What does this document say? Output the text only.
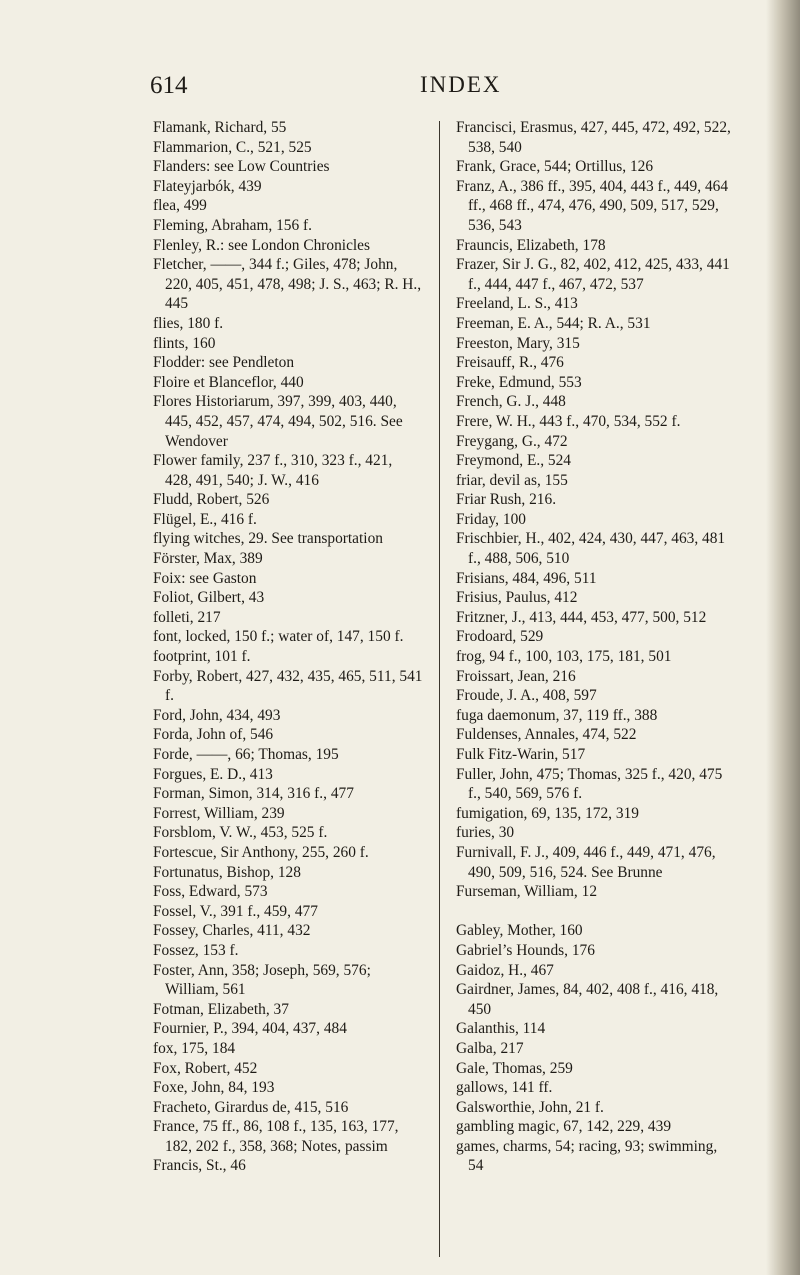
614	INDEX

Flamank, Richard, 55

Flammarion, C., 521, 525

Flanders: see Low Countries

Flateyjarbók, 439

flea, 499

Fleming, Abraham, 156 f.

Flenley, R.: see London Chronicles

Fletcher, ——, 344 f.; Giles, 478; John, 220, 405, 451, 478, 498; J. S., 463; R. H., 445

flies, 180 f.

flints, 160

Flodder: see Pendleton

Floire et Blanceflor, 440

Flores Historiarum, 397, 399, 403, 440, 445, 452, 457, 474, 494, 502, 516. See Wendover

Flower family, 237 f., 310, 323 f., 421, 428, 491, 540; J. W., 416

Fludd, Robert, 526

Flügel, E., 416 f.

flying witches, 29. See transportation

Förster, Max, 389

Foix: see Gaston

Foliot, Gilbert, 43

folleti, 217

font, locked, 150 f.; water of, 147, 150 f.

footprint, 101 f.

Forby, Robert, 427, 432, 435, 465, 511, 541 f.

Ford, John, 434, 493

Forda, John of, 546

Forde, ——, 66; Thomas, 195

Forgues, E. D., 413

Forman, Simon, 314, 316 f., 477

Forrest, William, 239

Forsblom, V. W., 453, 525 f.

Fortescue, Sir Anthony, 255, 260 f.

Fortunatus, Bishop, 128

Foss, Edward, 573

Fossel, V., 391 f., 459, 477

Fossey, Charles, 411, 432

Fossez, 153 f.

Foster, Ann, 358; Joseph, 569, 576; William, 561

Fotman, Elizabeth, 37

Fournier, P., 394, 404, 437, 484

fox, 175, 184

Fox, Robert, 452

Foxe, John, 84, 193

Fracheto, Girardus de, 415, 516

France, 75 ff., 86, 108 f., 135, 163, 177, 182, 202 f., 358, 368; Notes, passim

Francis, St., 46

Francisci, Erasmus, 427, 445, 472, 492, 522, 538, 540

Frank, Grace, 544; Ortillus, 126

Franz, A., 386 ff., 395, 404, 443 f., 449, 464 ff., 468 ff., 474, 476, 490, 509, 517, 529, 536, 543

Frauncis, Elizabeth, 178

Frazer, Sir J. G., 82, 402, 412, 425, 433, 441 f., 444, 447 f., 467, 472, 537

Freeland, L. S., 413

Freeman, E. A., 544; R. A., 531

Freeston, Mary, 315

Freisauff, R., 476

Freke, Edmund, 553

French, G. J., 448

Frere, W. H., 443 f., 470, 534, 552 f.

Freygang, G., 472

Freymond, E., 524

friar, devil as, 155

Friar Rush, 216.

Friday, 100

Frischbier, H., 402, 424, 430, 447, 463, 481 f., 488, 506, 510

Frisians, 484, 496, 511

Frisius, Paulus, 412

Fritzner, J., 413, 444, 453, 477, 500, 512

Frodoard, 529

frog, 94 f., 100, 103, 175, 181, 501

Froissart, Jean, 216

Froude, J. A., 408, 597

fuga daemonum, 37, 119 ff., 388

Fuldenses, Annales, 474, 522

Fulk Fitz-Warin, 517

Fuller, John, 475; Thomas, 325 f., 420, 475 f., 540, 569, 576 f.

fumigation, 69, 135, 172, 319

furies, 30

Furnivall, F. J., 409, 446 f., 449, 471, 476, 490, 509, 516, 524. See Brunne

Furseman, William, 12

Gabley, Mother, 160

Gabriel’s Hounds, 176

Gaidoz, H., 467

Gairdner, James, 84, 402, 408 f., 416, 418, 450

Galanthis, 114

Galba, 217

Gale, Thomas, 259

gallows, 141 ff.

Galsworthie, John, 21 f.

gambling magic, 67, 142, 229, 439

games, charms, 54; racing, 93; swimming, 54
